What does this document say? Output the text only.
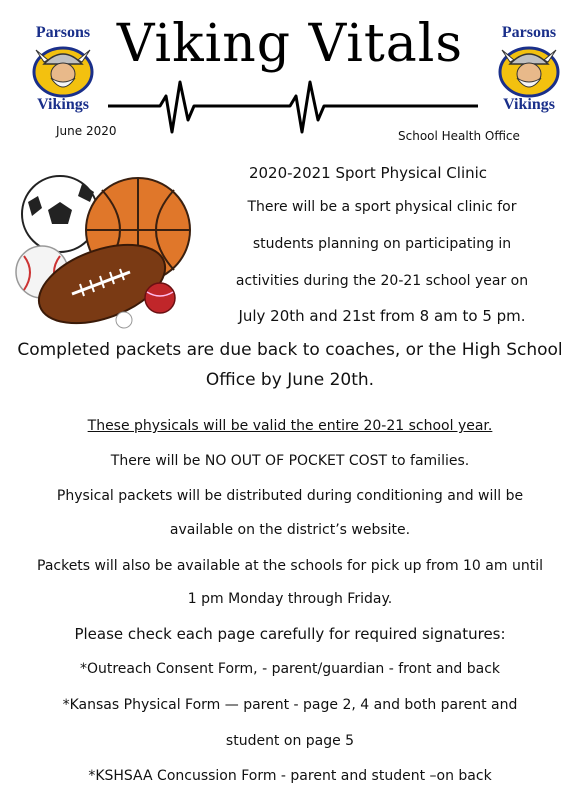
Parsons
Vikings
Parsons
Vikings
Viking Vitals
June 2020	School Health Office
2020-2021 Sport Physical Clinic
There will be a sport physical clinic for
students planning on participating in
activities during the 20-21 school year on
July 20th and 21st from 8 am to 5 pm.
Completed packets are due back to coaches, or the High School
Office by June 20th.
These physicals will be valid the entire 20-21 school year.
There will be NO OUT OF POCKET COST to families.
Physical packets will be distributed during conditioning and will be
available on the district’s website.
Packets will also be available at the schools for pick up from 10 am until
1 pm Monday through Friday.
Please check each page carefully for required signatures:
*Outreach Consent Form, - parent/guardian - front and back
*Kansas Physical Form — parent - page 2, 4 and both parent and
student on page 5
*KSHSAA Concussion Form - parent and student –on back
